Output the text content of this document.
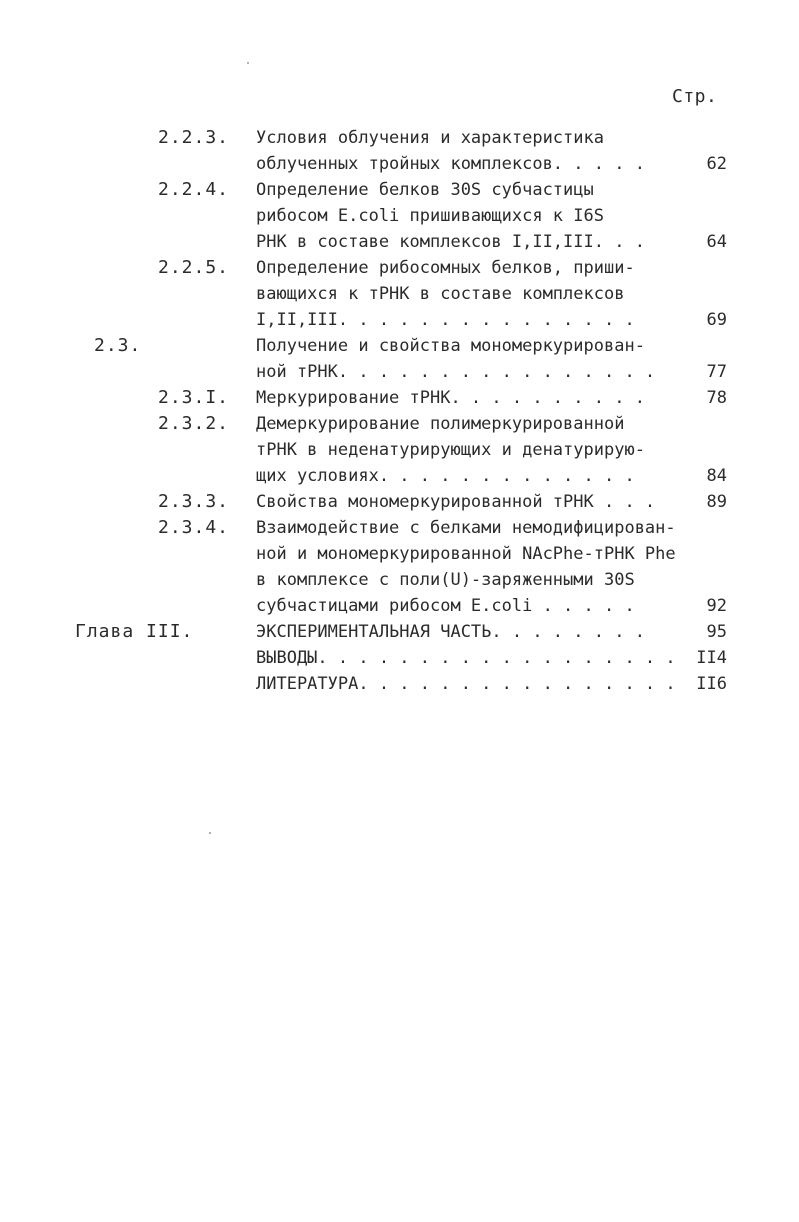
Стр.
2.2.3. Условия облучения и характеристика
облученных тройных комплексов. . . . .	62
2.2.4. Определение белков 30S субчастицы
рибосом E.coli пришивающихся к I6S
РНК в составе комплексов I,II,III. . .	64
2.2.5. Определение рибосомных белков, приши-
вающихся к тРНК в составе комплексов
I,II,III. . . . . . . . . . . . . . .	69
2.3.	Получение и свойства мономеркурирован-
ной тРНК. . . . . . . . . . . . . . . .	77
2.3.I. Меркурирование тРНК. . . . . . . . . .	78
2.3.2. Демеркурирование полимеркурированной
тРНК в неденатурирующих и денатурирую-
щих условиях. . . . . . . . . . . . .	84
2.3.3. Свойства мономеркурированной тРНК . . .	89
2.3.4. Взаимодействие с белками немодифицирован-
ной и мономеркурированной NAcPhe-тРНК Phe
в комплексе с поли(U)-заряженными 30S
субчастицами рибосом E.coli . . . . .	92
Глава III.	ЭКСПЕРИМЕНТАЛЬНАЯ ЧАСТЬ. . . . . . . .	95
ВЫВОДЫ. . . . . . . . . . . . . . . . . . II4
ЛИТЕРАТУРА. . . . . . . . . . . . . . . . II6
